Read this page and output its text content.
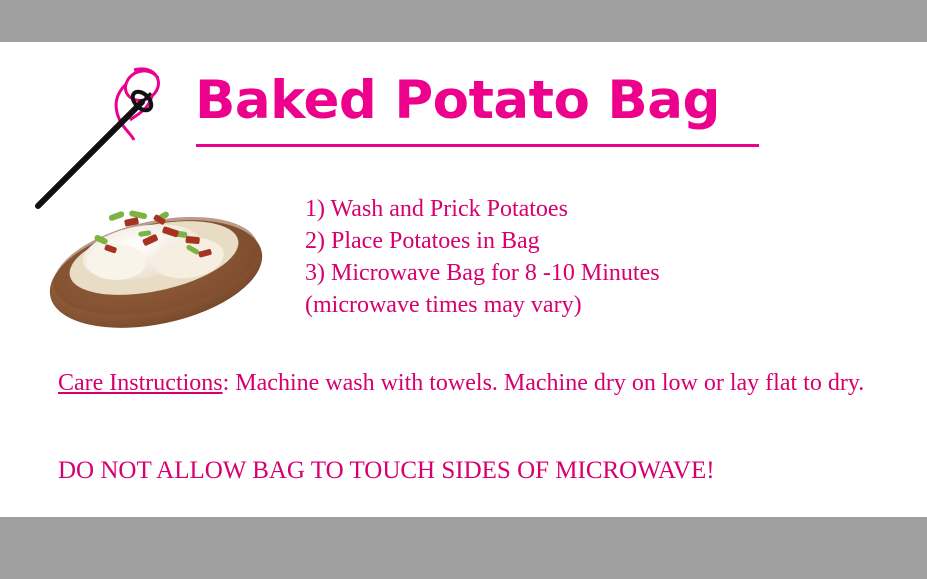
Baked Potato Bag
1) Wash and Prick Potatoes
2) Place Potatoes in Bag
3) Microwave Bag for 8 -10 Minutes
(microwave times may vary)
Care Instructions: Machine wash with towels. Machine dry on low or lay flat to dry.
DO NOT ALLOW BAG TO TOUCH SIDES OF MICROWAVE!
